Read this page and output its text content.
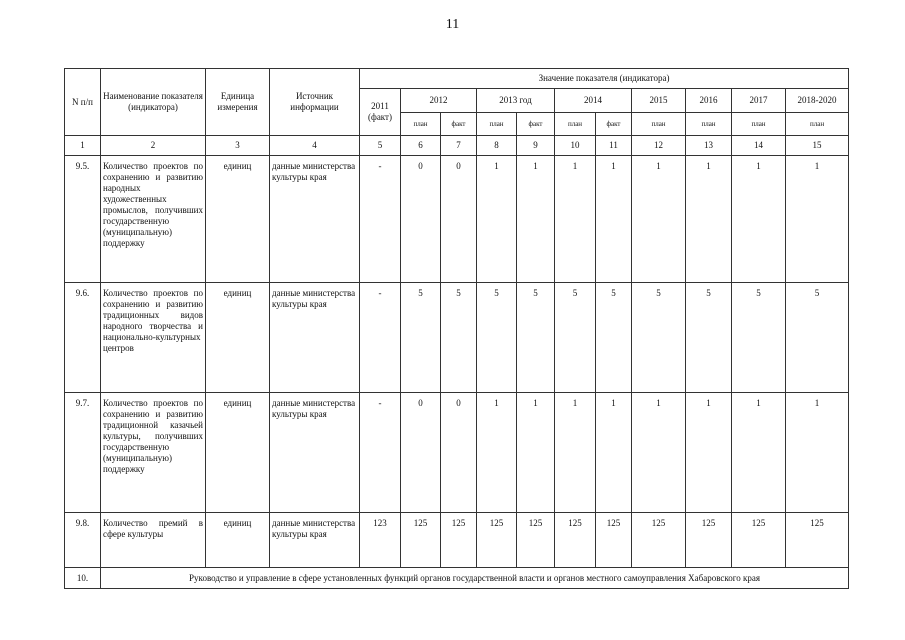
11
N п/п	Наименование показателя (индикатора)	Единица измерения	Источник информации	Значение показателя (индикатора)										
				2011 (факт)	2012		2013 год		2014		2015	2016	2017	2018-2020
					план	факт	план	факт	план	факт	план	план	план	план
1	2	3	4	5	6	7	8	9	10	11	12	13	14	15
9.5.	Количество проектов по сохранению и развитию народных художественных промыслов, получивших государственную (муниципальную) поддержку	единиц	данные министерства культуры края	-	0	0	1	1	1	1	1	1	1	1
9.6.	Количество проектов по сохранению и развитию традиционных видов народного творчества и национально-культурных центров	единиц	данные министерства культуры края	-	5	5	5	5	5	5	5	5	5	5
9.7.	Количество проектов по сохранению и развитию традиционной казачьей культуры, получивших государственную (муниципальную) поддержку	единиц	данные министерства культуры края	-	0	0	1	1	1	1	1	1	1	1
9.8.	Количество премий в сфере культуры	единиц	данные министерства культуры края	123	125	125	125	125	125	125	125	125	125	125
10.	Руководство и управление в сфере установленных функций органов государственной власти и органов местного самоуправления Хабаровского края													
